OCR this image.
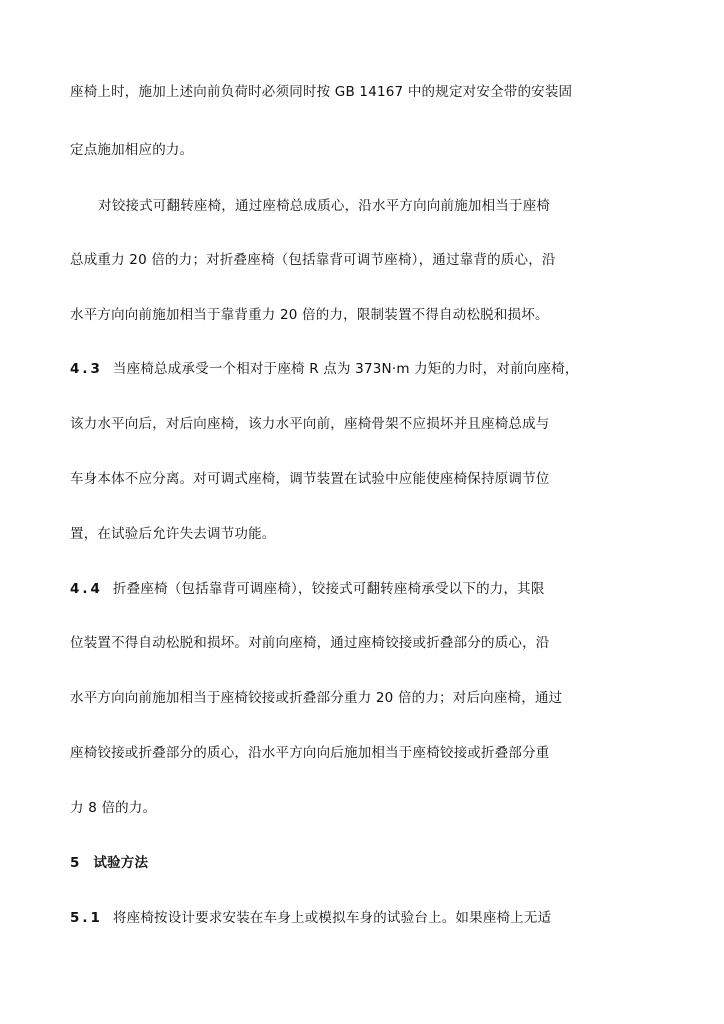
座椅上时，施加上述向前负荷时必须同时按 GB 14167 中的规定对安全带的安装固
定点施加相应的力。
对铰接式可翻转座椅，通过座椅总成质心，沿水平方向向前施加相当于座椅
总成重力 20 倍的力；对折叠座椅（包括靠背可调节座椅），通过靠背的质心，沿
水平方向向前施加相当于靠背重力 20 倍的力，限制装置不得自动松脱和损坏。
4.3 当座椅总成承受一个相对于座椅 R 点为 373N·m 力矩的力时，对前向座椅，
该力水平向后，对后向座椅，该力水平向前，座椅骨架不应损坏并且座椅总成与
车身本体不应分离。对可调式座椅，调节装置在试验中应能使座椅保持原调节位
置，在试验后允许失去调节功能。
4.4 折叠座椅（包括靠背可调座椅），铰接式可翻转座椅承受以下的力，其限
位装置不得自动松脱和损坏。对前向座椅，通过座椅铰接或折叠部分的质心，沿
水平方向向前施加相当于座椅铰接或折叠部分重力 20 倍的力；对后向座椅，通过
座椅铰接或折叠部分的质心，沿水平方向向后施加相当于座椅铰接或折叠部分重
力 8 倍的力。
5 试验方法
5.1 将座椅按设计要求安装在车身上或模拟车身的试验台上。如果座椅上无适
